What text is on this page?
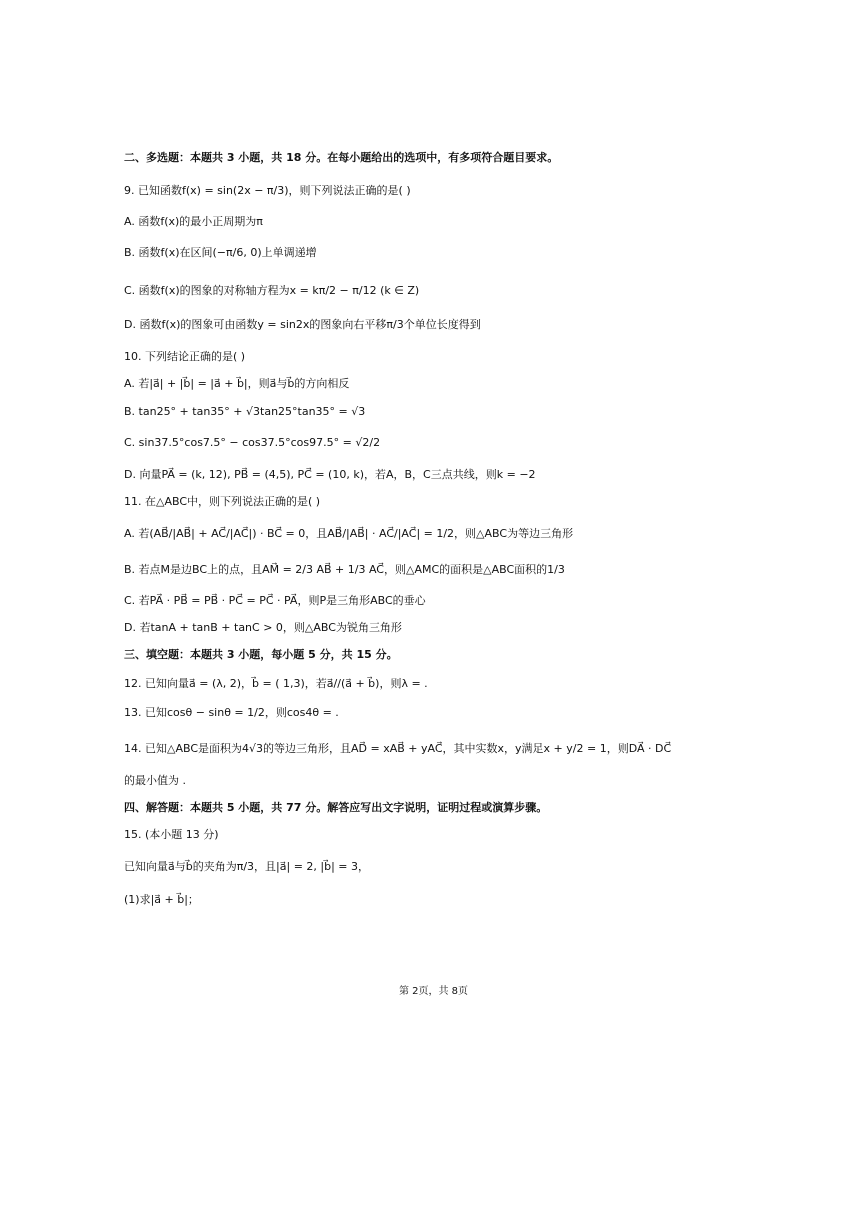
二、多选题：本题共 3 小题，共 18 分。在每小题给出的选项中，有多项符合题目要求。
9. 已知函数f(x) = sin(2x − π/3)，则下列说法正确的是( )
A. 函数f(x)的最小正周期为π
B. 函数f(x)在区间(−π/6, 0)上单调递增
C. 函数f(x)的图象的对称轴方程为x = kπ/2 − π/12 (k ∈ Z)
D. 函数f(x)的图象可由函数y = sin2x的图象向右平移π/3个单位长度得到
10. 下列结论正确的是( )
A. 若|a⃗| + |b⃗| = |a⃗ + b⃗|，则a⃗与b⃗的方向相反
B. tan25° + tan35° + √3tan25°tan35° = √3
C. sin37.5°cos7.5° − cos37.5°cos97.5° = √2/2
D. 向量PA⃗ = (k, 12), PB⃗ = (4,5), PC⃗ = (10, k)，若A，B，C三点共线，则k = −2
11. 在△ABC中，则下列说法正确的是( )
A. 若(AB⃗/|AB⃗| + AC⃗/|AC⃗|) · BC⃗ = 0，且AB⃗/|AB⃗| · AC⃗/|AC⃗| = 1/2，则△ABC为等边三角形
B. 若点M是边BC上的点，且AM⃗ = 2/3 AB⃗ + 1/3 AC⃗，则△AMC的面积是△ABC面积的1/3
C. 若PA⃗ · PB⃗ = PB⃗ · PC⃗ = PC⃗ · PA⃗，则P是三角形ABC的垂心
D. 若tanA + tanB + tanC > 0，则△ABC为锐角三角形
三、填空题：本题共 3 小题，每小题 5 分，共 15 分。
12. 已知向量a⃗ = (λ, 2)，b⃗ = ( 1,3)，若a⃗//(a⃗ + b⃗)，则λ = .
13. 已知cosθ − sinθ = 1/2，则cos4θ = .
14. 已知△ABC是面积为4√3的等边三角形，且AD⃗ = xAB⃗ + yAC⃗，其中实数x，y满足x + y/2 = 1，则DA⃗ · DC⃗
的最小值为 .
四、解答题：本题共 5 小题，共 77 分。解答应写出文字说明，证明过程或演算步骤。
15. (本小题 13 分)
已知向量a⃗与b⃗的夹角为π/3，且|a⃗| = 2, |b⃗| = 3，
(1)求|a⃗ + b⃗|；
第 2页，共 8页
